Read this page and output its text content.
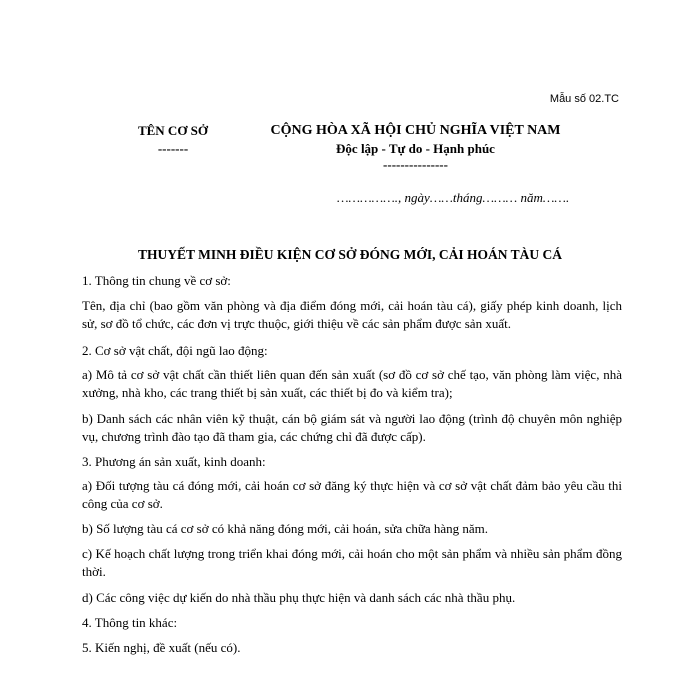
Mẫu số 02.TC
TÊN CƠ SỞ
-------
CỘNG HÒA XÃ HỘI CHỦ NGHĨA VIỆT NAM
Độc lập - Tự do - Hạnh phúc
---------------
……………., ngày……tháng……… năm…….
THUYẾT MINH ĐIỀU KIỆN CƠ SỞ ĐÓNG MỚI, CẢI HOÁN TÀU CÁ
1. Thông tin chung về cơ sở:
Tên, địa chỉ (bao gồm văn phòng và địa điểm đóng mới, cải hoán tàu cá), giấy phép kinh doanh, lịch sử, sơ đồ tổ chức, các đơn vị trực thuộc, giới thiệu về các sản phẩm được sản xuất.
2. Cơ sở vật chất, đội ngũ lao động:
a) Mô tả cơ sở vật chất cần thiết liên quan đến sản xuất (sơ đồ cơ sở chế tạo, văn phòng làm việc, nhà xưởng, nhà kho, các trang thiết bị sản xuất, các thiết bị đo và kiểm tra);
b) Danh sách các nhân viên kỹ thuật, cán bộ giám sát và người lao động (trình độ chuyên môn nghiệp vụ, chương trình đào tạo đã tham gia, các chứng chỉ đã được cấp).
3. Phương án sản xuất, kinh doanh:
a) Đối tượng tàu cá đóng mới, cải hoán cơ sở đăng ký thực hiện và cơ sở vật chất đảm bảo yêu cầu thi công của cơ sở.
b) Số lượng tàu cá cơ sở có khả năng đóng mới, cải hoán, sửa chữa hàng năm.
c) Kế hoạch chất lượng trong triển khai đóng mới, cải hoán cho một sản phẩm và nhiều sản phẩm đồng thời.
d) Các công việc dự kiến do nhà thầu phụ thực hiện và danh sách các nhà thầu phụ.
4. Thông tin khác:
5. Kiến nghị, đề xuất (nếu có).
